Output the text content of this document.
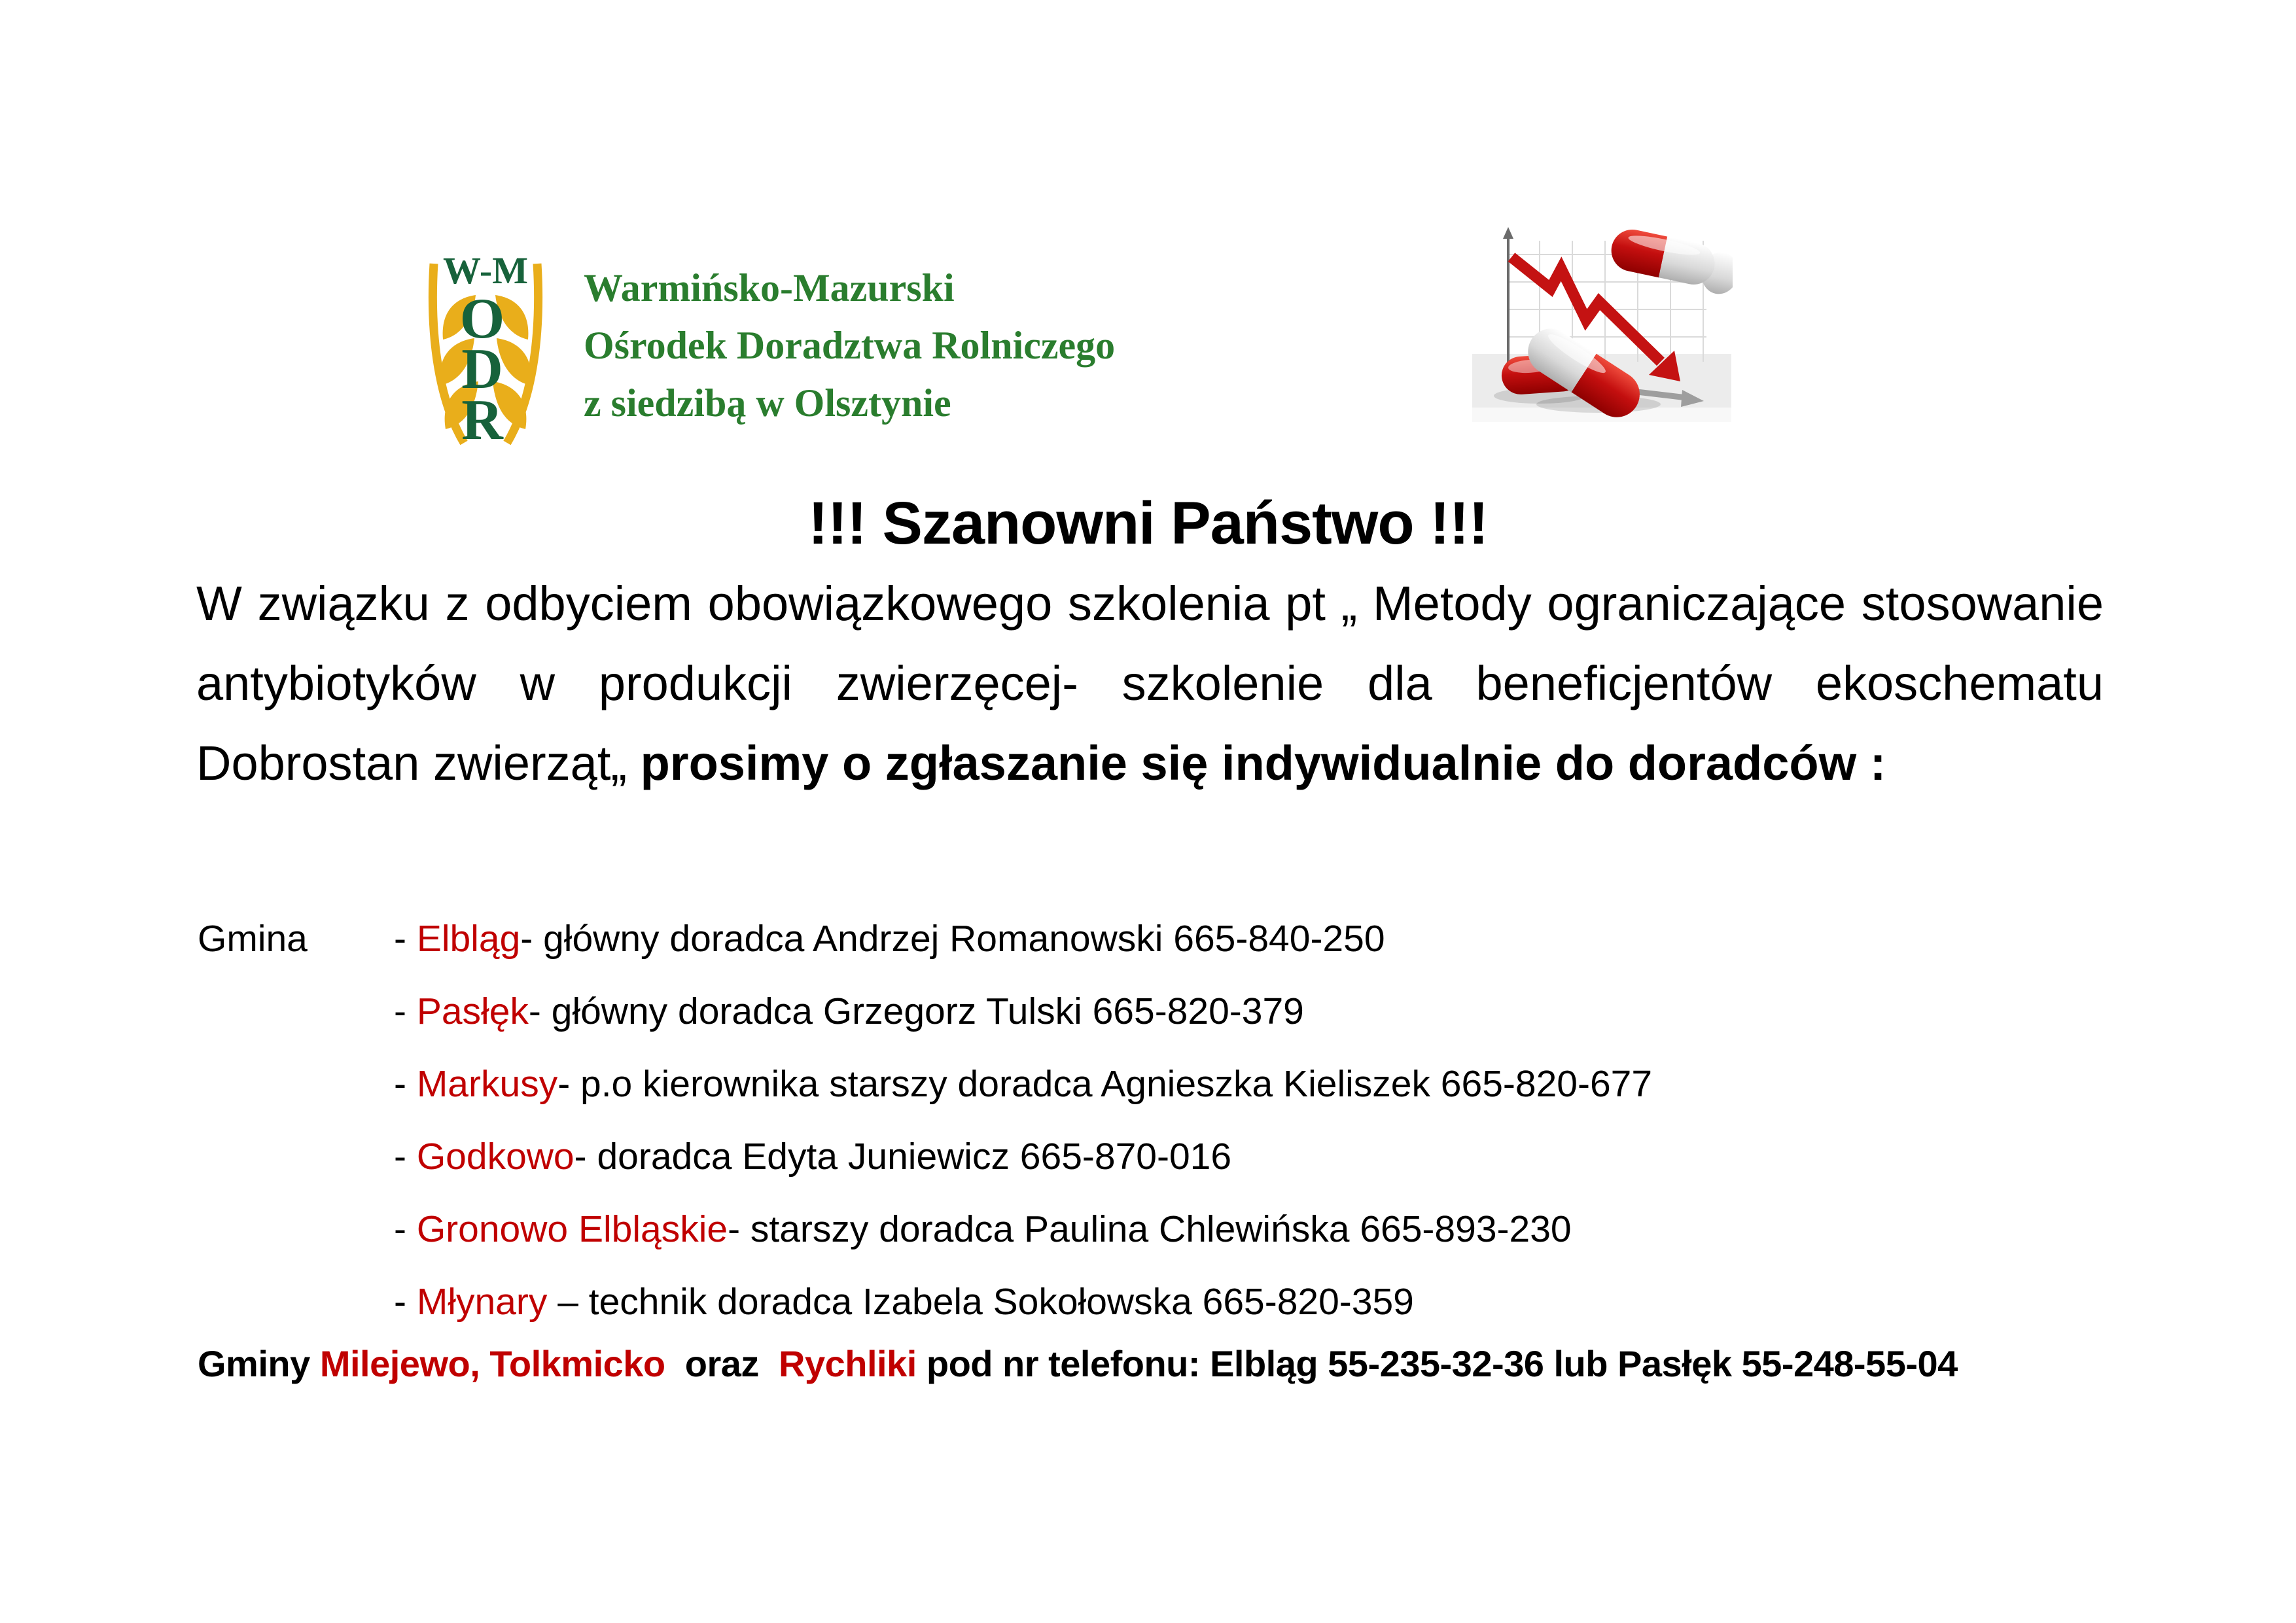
W-M
O
D
R
Warmińsko-Mazurski
Ośrodek Doradztwa Rolniczego
z siedzibą w Olsztynie
!!! Szanowni Państwo !!!
W związku z odbyciem obowiązkowego szkolenia pt „ Metody ograniczające stosowanie antybiotyków w produkcji zwierzęcej- szkolenie dla beneficjentów ekoschematu Dobrostan zwierząt„ prosimy o zgłaszanie się indywidualnie do doradców :
Gmina - Elbląg- główny doradca Andrzej Romanowski 665-840-250
- Pasłęk- główny doradca Grzegorz Tulski 665-820-379
- Markusy- p.o kierownika starszy doradca Agnieszka Kieliszek 665-820-677
- Godkowo- doradca Edyta Juniewicz 665-870-016
- Gronowo Elbląskie- starszy doradca Paulina Chlewińska 665-893-230
- Młynary – technik doradca Izabela Sokołowska 665-820-359
Gminy Milejewo, Tolkmicko  oraz  Rychliki pod nr telefonu: Elbląg 55-235-32-36 lub Pasłęk 55-248-55-04
